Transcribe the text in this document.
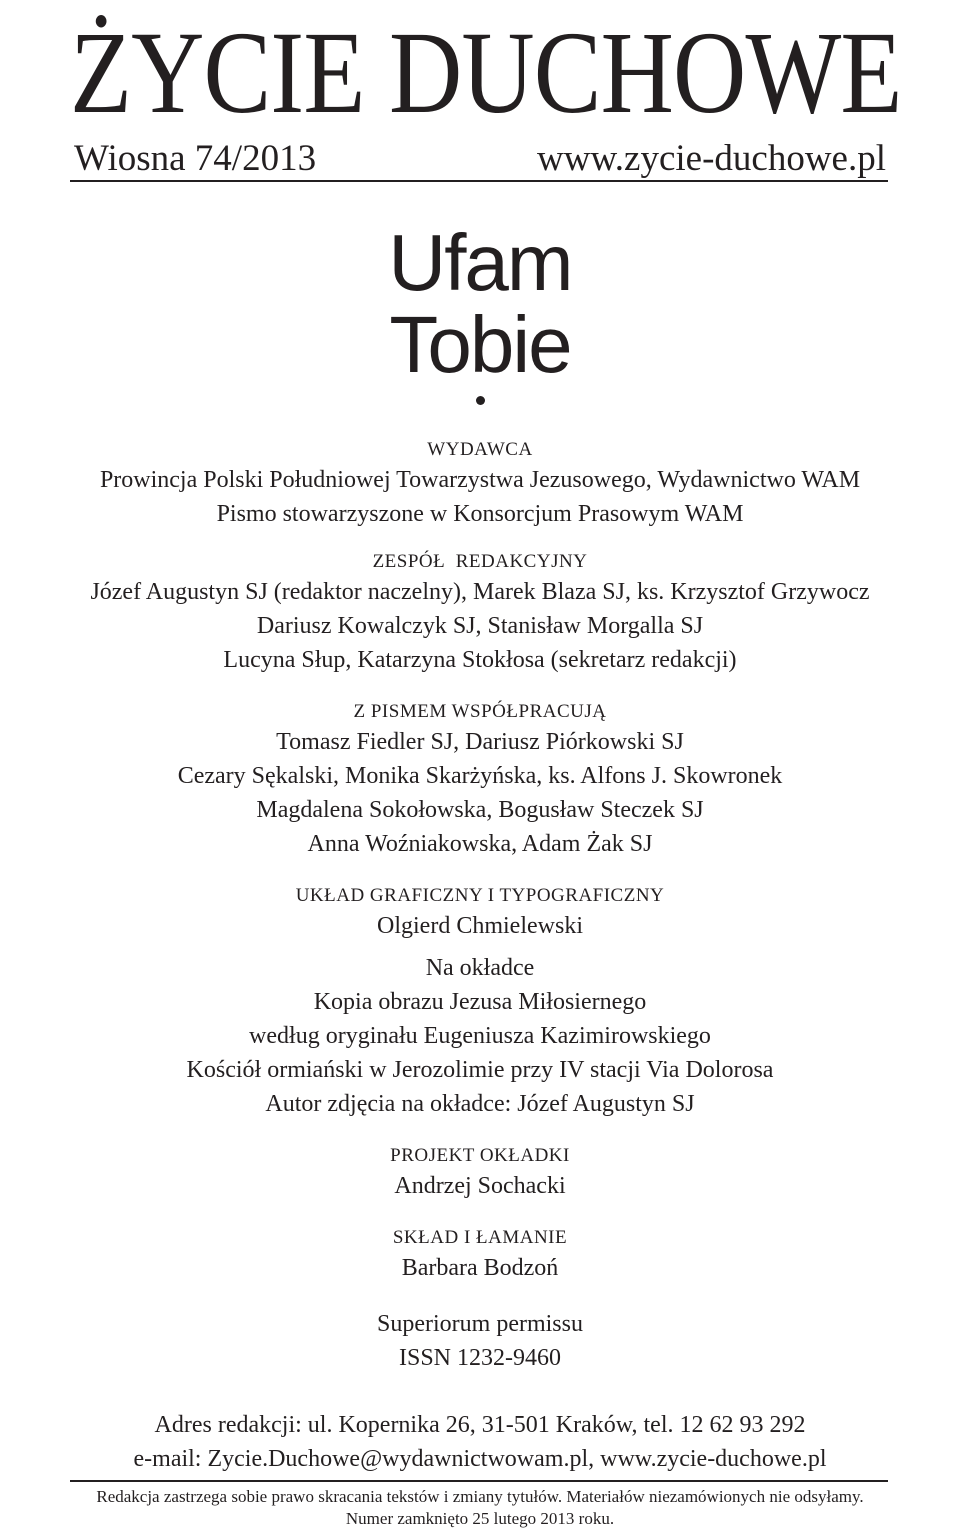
ŻYCIE DUCHOWE
Wiosna 74/2013	www.zycie-duchowe.pl
Ufam
Tobie
WYDAWCA
Prowincja Polski Południowej Towarzystwa Jezusowego, Wydawnictwo WAM
Pismo stowarzyszone w Konsorcjum Prasowym WAM
ZESPÓŁ  REDAKCYJNY
Józef Augustyn SJ (redaktor naczelny), Marek Blaza SJ, ks. Krzysztof Grzywocz
Dariusz Kowalczyk SJ, Stanisław Morgalla SJ
Lucyna Słup, Katarzyna Stokłosa (sekretarz redakcji)
Z PISMEM WSPÓŁPRACUJĄ
Tomasz Fiedler SJ, Dariusz Piórkowski SJ
Cezary Sękalski, Monika Skarżyńska, ks. Alfons J. Skowronek
Magdalena Sokołowska, Bogusław Steczek SJ
Anna Woźniakowska, Adam Żak SJ
UKŁAD GRAFICZNY I TYPOGRAFICZNY
Olgierd Chmielewski
Na okładce
Kopia obrazu Jezusa Miłosiernego
według oryginału Eugeniusza Kazimirowskiego
Kościół ormiański w Jerozolimie przy IV stacji Via Dolorosa
Autor zdjęcia na okładce: Józef Augustyn SJ
PROJEKT OKŁADKI
Andrzej Sochacki
SKŁAD I ŁAMANIE
Barbara Bodzoń
Superiorum permissu
ISSN 1232-9460
Adres redakcji: ul. Kopernika 26, 31-501 Kraków, tel. 12 62 93 292
e-mail: Zycie.Duchowe@wydawnictwowam.pl, www.zycie-duchowe.pl
Redakcja zastrzega sobie prawo skracania tekstów i zmiany tytułów. Materiałów niezamówionych nie odsyłamy.
Numer zamknięto 25 lutego 2013 roku.
